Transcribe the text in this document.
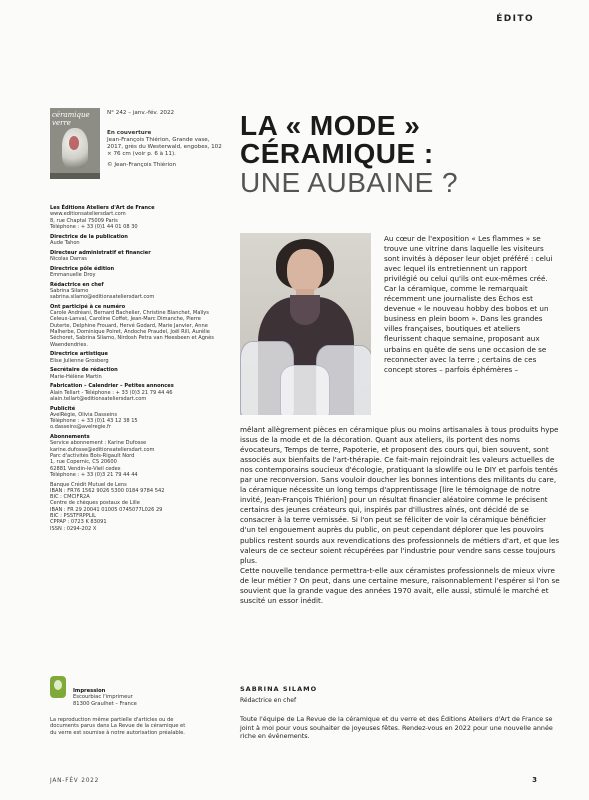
ÉDITO
céramique verre
N° 242 – janv.-fév. 2022
En couverture
Jean-François Thiérion, Grande vase, 2017, grès du Westerwald, engobes, 102 × 76 cm (voir p. 6 à 11).
© Jean-François Thiérion
LA « MODE »
CÉRAMIQUE :
UNE AUBAINE ?
Les Éditions Ateliers d'Art de France
www.editionsateliersdart.com
8, rue Chaptal 75009 Paris
Téléphone : + 33 (0)1 44 01 08 30
Directrice de la publication
Aude Tahon
Directeur administratif et financier
Nicolas Darras
Directrice pôle édition
Emmanuelle Droy
Rédactrice en chef
Sabrina Silamo
sabrina.silamo@editionsateliersdart.com
Ont participé à ce numéro
Carole Andréani, Bernard Bachelier, Christine Blanchet, Maïlys Celeux-Lanval, Caroline Coffet, Jean-Marc Dimanche, Pierre Duterte, Delphine Frouard, Hervé Godard, Marie Janvier, Anne Malherbe, Dominique Poiret, Andoche Praudel, Joël Rill, Aurélie Séchoret, Sabrina Silamo, Nirdosh Petra van Heesbeen et Agnès Waendendries.
Directrice artistique
Elise Julienne Grosberg
Secrétaire de rédaction
Marie-Hélène Martin
Fabrication – Calendrier – Petites annonces
Alain Tellart - Téléphone : + 33 (0)3 21 79 44 46
alain.tellart@editionsateliersdart.com
Publicité
AvelRégie, Olivia Dasseins
Téléphone : + 33 (0)1 43 12 38 15
o.dasseins@avelregie.fr
Abonnements
Service abonnement : Karine Dufosse
karine.dufosse@editionsateliersdart.com
Parc d'activités Bois-Rigault Nord
1, rue Copernic, CS 20600
62881 Vendin-le-Vieil cedex
Téléphone : + 33 (0)3 21 79 44 44
Banque Crédit Mutuel de Lens
IBAN : FR76 1562 9026 5300 0184 9784 542
BIC : CMCIFR2A
Centre de chèques postaux de Lille
IBAN : FR 29 20041 01005 0745077L026 29
BIC : PSSTFRPPLIL
CPPAP : 0723 K 83091
ISSN : 0294-202 X

Au cœur de l'exposition « Les flammes » se trouve une vitrine dans laquelle les visiteurs sont invités à déposer leur objet préféré : celui avec lequel ils entretiennent un rapport privilégié ou celui qu'ils ont eux-mêmes créé. Car la céramique, comme le remarquait récemment une journaliste des Échos est devenue « le nouveau hobby des bobos et un business en plein boom ». Dans les grandes villes françaises, boutiques et ateliers fleurissent chaque semaine, proposant aux urbains en quête de sens une occasion de se reconnecter avec la terre ; certains de ces concept stores – parfois éphémères –

mêlant allègrement pièces en céramique plus ou moins artisanales à tous produits hype issus de la mode et de la décoration. Quant aux ateliers, ils portent des noms évocateurs, Temps de terre, Papoterie, et proposent des cours qui, bien souvent, sont associés aux bienfaits de l'art-thérapie. Ce fait-main rejoindrait les valeurs actuelles de nos contemporains soucieux d'écologie, pratiquant la slowlife ou le DIY et parfois tentés par une reconversion. Sans vouloir doucher les bonnes intentions des militants du care, la céramique nécessite un long temps d'apprentissage [lire le témoignage de notre invité, Jean-François Thiérion] pour un résultat financier aléatoire comme le précisent certains des jeunes créateurs qui, inspirés par d'illustres aînés, ont décidé de se consacrer à la terre vernissée. Si l'on peut se féliciter de voir la céramique bénéficier d'un tel engouement auprès du public, on peut cependant déplorer que les pouvoirs publics restent sourds aux revendications des professionnels de métiers d'art, et que les valeurs de ce secteur soient récupérées par l'industrie pour vendre sans cesse toujours plus.

Cette nouvelle tendance permettra-t-elle aux céramistes professionnels de mieux vivre de leur métier ? On peut, dans une certaine mesure, raisonnablement l'espérer si l'on se souvient que la grande vague des années 1970 avait, elle aussi, stimulé le marché et suscité un essor inédit.

SABRINA SILAMO
Rédactrice en chef
Toute l'équipe de La Revue de la céramique et du verre et des Éditions Ateliers d'Art de France se joint à moi pour vous souhaiter de joyeuses fêtes. Rendez-vous en 2022 pour une nouvelle année riche en événements.
Impression
Escourbiac l'imprimeur
81300 Graulhet – France
La reproduction même partielle d'articles ou de documents parus dans La Revue de la céramique et du verre est soumise à notre autorisation préalable.
JAN-FÉV 2022	3
